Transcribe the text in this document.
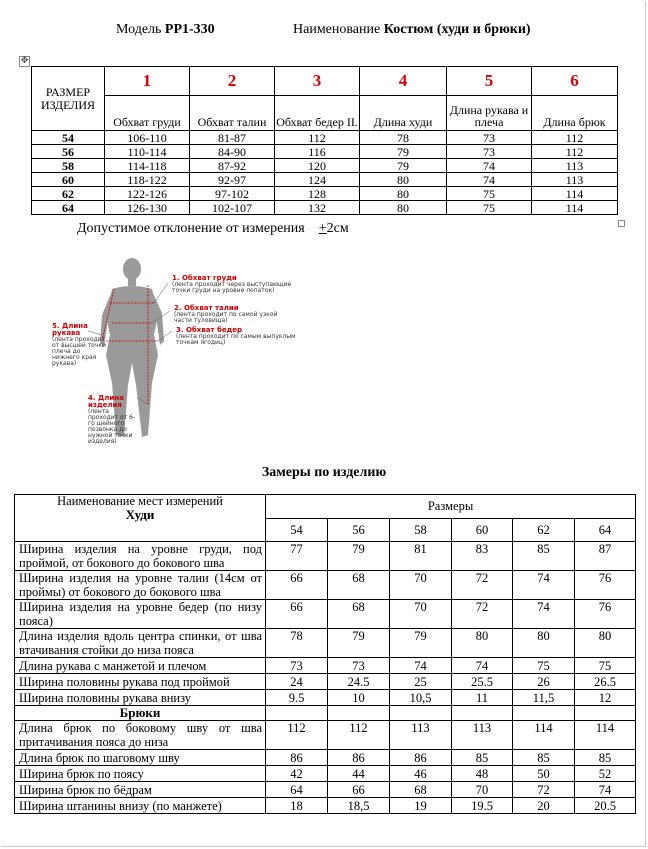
Модель PP1-330	Наименование Костюм (худи и брюки)
✥
РАЗМЕР ИЗДЕЛИЯ	1	2	3	4	5	6
	Обхват груди	Обхват талии	Обхват бедер II.	Длина худи	Длина рукава и плеча	Длина брюк
54	106-110	81-87	112	78	73	112
56	110-114	84-90	116	79	73	112
58	114-118	87-92	120	79	74	113
60	118-122	92-97	124	80	74	113
62	122-126	97-102	128	80	75	114
64	126-130	102-107	132	80	75	114
Допустимое отклонение от измерения +2см
1. Обхват груди
(лента проходит через выступающие точки груди на уровне лопаток)
2. Обхват талии
(лента проходит по самой узкой части туловища)
3. Обхват бедер
(лента проходит по самым выпуклым точкам ягодиц)
4. Длина изделия
(лента проходит от 6-го шейного позвонка до нужной точки изделия)
5. Длина рукава
(лента проходит от высшей точки плеча до нижнего края рукава)
Замеры по изделию
Наименование мест измерений
Худи	Размеры					
	54	56	58	60	62	64
Ширина изделия на уровне груди, под проймой, от бокового до бокового шва	77	79	81	83	85	87
Ширина изделия на уровне талии (14см от проймы) от бокового до бокового шва	66	68	70	72	74	76
Ширина изделия на уровне бедер (по низу пояса)	66	68	70	72	74	76
Длина изделия вдоль центра спинки, от шва втачивания стойки до низа пояса	78	79	79	80	80	80
Длина рукава с манжетой и плечом	73	73	74	74	75	75
Ширина половины рукава под проймой	24	24.5	25	25.5	26	26.5
Ширина половины рукава внизу	9.5	10	10,5	11	11,5	12
Брюки						
Длина брюк по боковому шву от шва притачивания пояса до низа	112	112	113	113	114	114
Длина брюк по шаговому шву	86	86	86	85	85	85
Ширина брюк по поясу	42	44	46	48	50	52
Ширина брюк по бёдрам	64	66	68	70	72	74
Ширина штанины внизу (по манжете)	18	18,5	19	19.5	20	20.5
